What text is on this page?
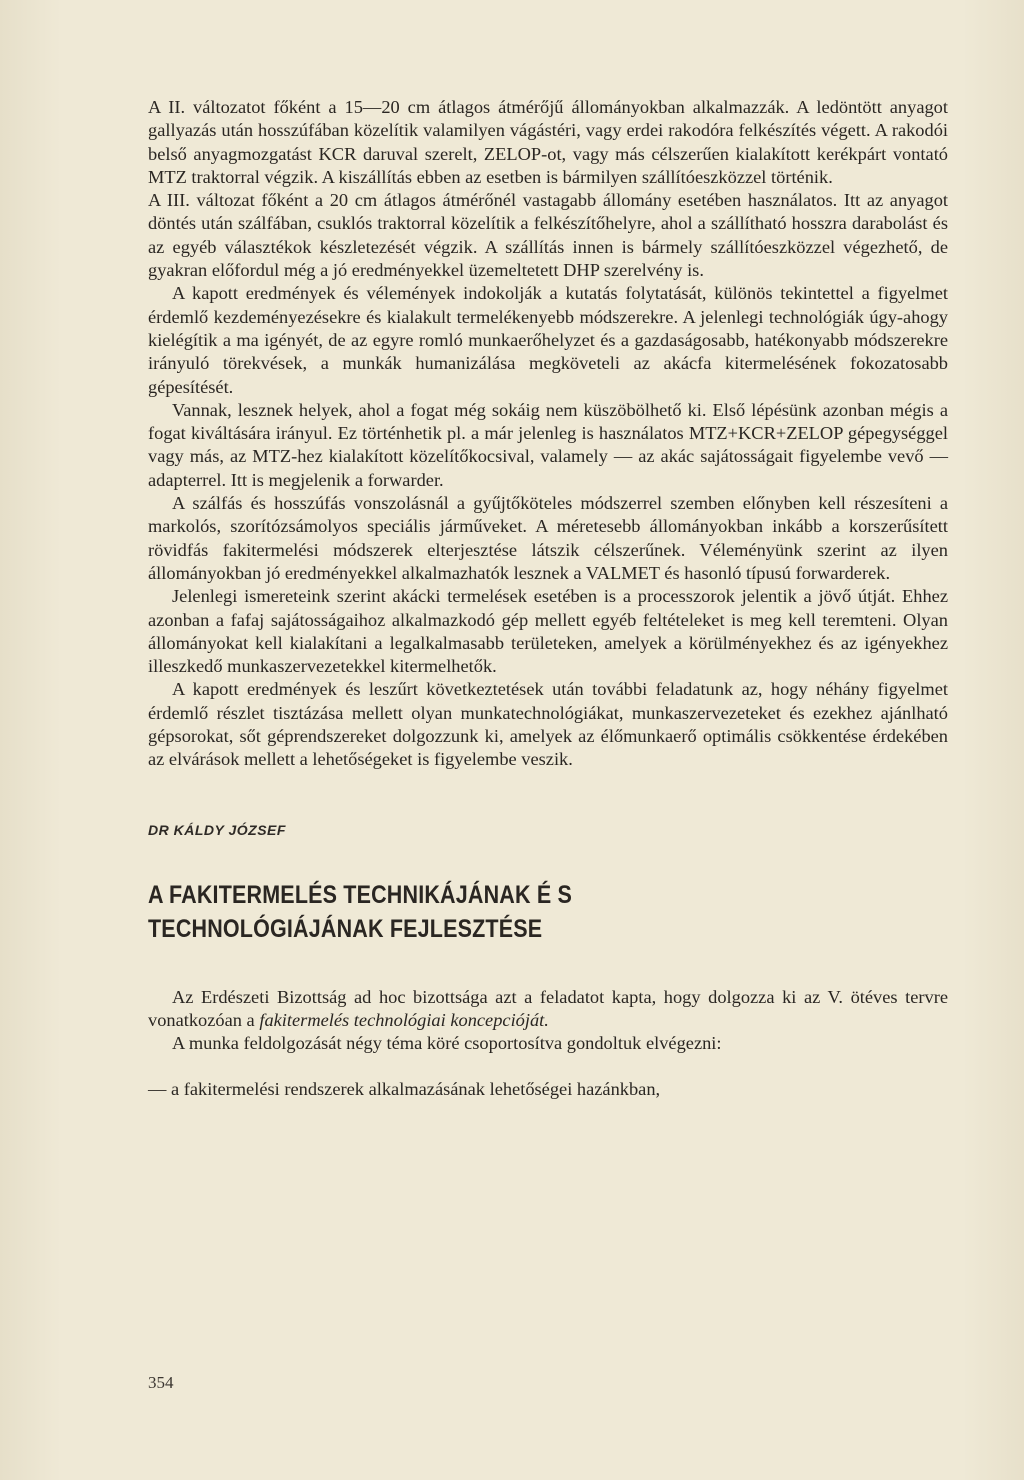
A II. változatot főként a 15—20 cm átlagos átmérőjű állományokban alkalmazzák. A ledöntött anyagot gallyazás után hosszúfában közelítik valamilyen vágástéri, vagy erdei rakodóra felkészítés végett. A rakodói belső anyagmozgatást KCR daruval szerelt, ZELOP-ot, vagy más célszerűen kialakított kerékpárt vontató MTZ traktorral végzik. A kiszállítás ebben az esetben is bármilyen szállítóeszközzel történik.

A III. változat főként a 20 cm átlagos átmérőnél vastagabb állomány esetében használatos. Itt az anyagot döntés után szálfában, csuklós traktorral közelítik a felkészítőhelyre, ahol a szállítható hosszra darabolást és az egyéb választékok készletezését végzik. A szállítás innen is bármely szállítóeszközzel végezhető, de gyakran előfordul még a jó eredményekkel üzemeltetett DHP szerelvény is.

A kapott eredmények és vélemények indokolják a kutatás folytatását, különös tekintettel a figyelmet érdemlő kezdeményezésekre és kialakult termelékenyebb módszerekre. A jelenlegi technológiák úgy-ahogy kielégítik a ma igényét, de az egyre romló munkaerőhelyzet és a gazdaságosabb, hatékonyabb módszerekre irányuló törekvések, a munkák humanizálása megköveteli az akácfa kitermelésének fokozatosabb gépesítését.

Vannak, lesznek helyek, ahol a fogat még sokáig nem küszöbölhető ki. Első lépésünk azonban mégis a fogat kiváltására irányul. Ez történhetik pl. a már jelenleg is használatos MTZ+KCR+ZELOP gépegységgel vagy más, az MTZ-hez kialakított közelítőkocsival, valamely — az akác sajátosságait figyelembe vevő — adapterrel. Itt is megjelenik a forwarder.

A szálfás és hosszúfás vonszolásnál a gyűjtőköteles módszerrel szemben előnyben kell részesíteni a markolós, szorítózsámolyos speciális járműveket. A méretesebb állományokban inkább a korszerűsített rövidfás fakitermelési módszerek elterjesztése látszik célszerűnek. Véleményünk szerint az ilyen állományokban jó eredményekkel alkalmazhatók lesznek a VALMET és hasonló típusú forwarderek.

Jelenlegi ismereteink szerint akácki termelések esetében is a processzorok jelentik a jövő útját. Ehhez azonban a fafaj sajátosságaihoz alkalmazkodó gép mellett egyéb feltételeket is meg kell teremteni. Olyan állományokat kell kialakítani a legalkalmasabb területeken, amelyek a körülményekhez és az igényekhez illeszkedő munkaszervezetekkel kitermelhetők.

A kapott eredmények és leszűrt következtetések után további feladatunk az, hogy néhány figyelmet érdemlő részlet tisztázása mellett olyan munkatechnológiákat, munkaszervezeteket és ezekhez ajánlható gépsorokat, sőt géprendszereket dolgozzunk ki, amelyek az élőmunkaerő optimális csökkentése érdekében az elvárások mellett a lehetőségeket is figyelembe veszik.

DR KÁLDY JÓZSEF
A FAKITERMELÉS TECHNIKÁJÁNAK É S
TECHNOLÓGIÁJÁNAK FEJLESZTÉSE

Az Erdészeti Bizottság ad hoc bizottsága azt a feladatot kapta, hogy dolgozza ki az V. ötéves tervre vonatkozóan a fakitermelés technológiai koncepcióját.

A munka feldolgozását négy téma köré csoportosítva gondoltuk elvégezni:

— a fakitermelési rendszerek alkalmazásának lehetőségei hazánkban,

354
